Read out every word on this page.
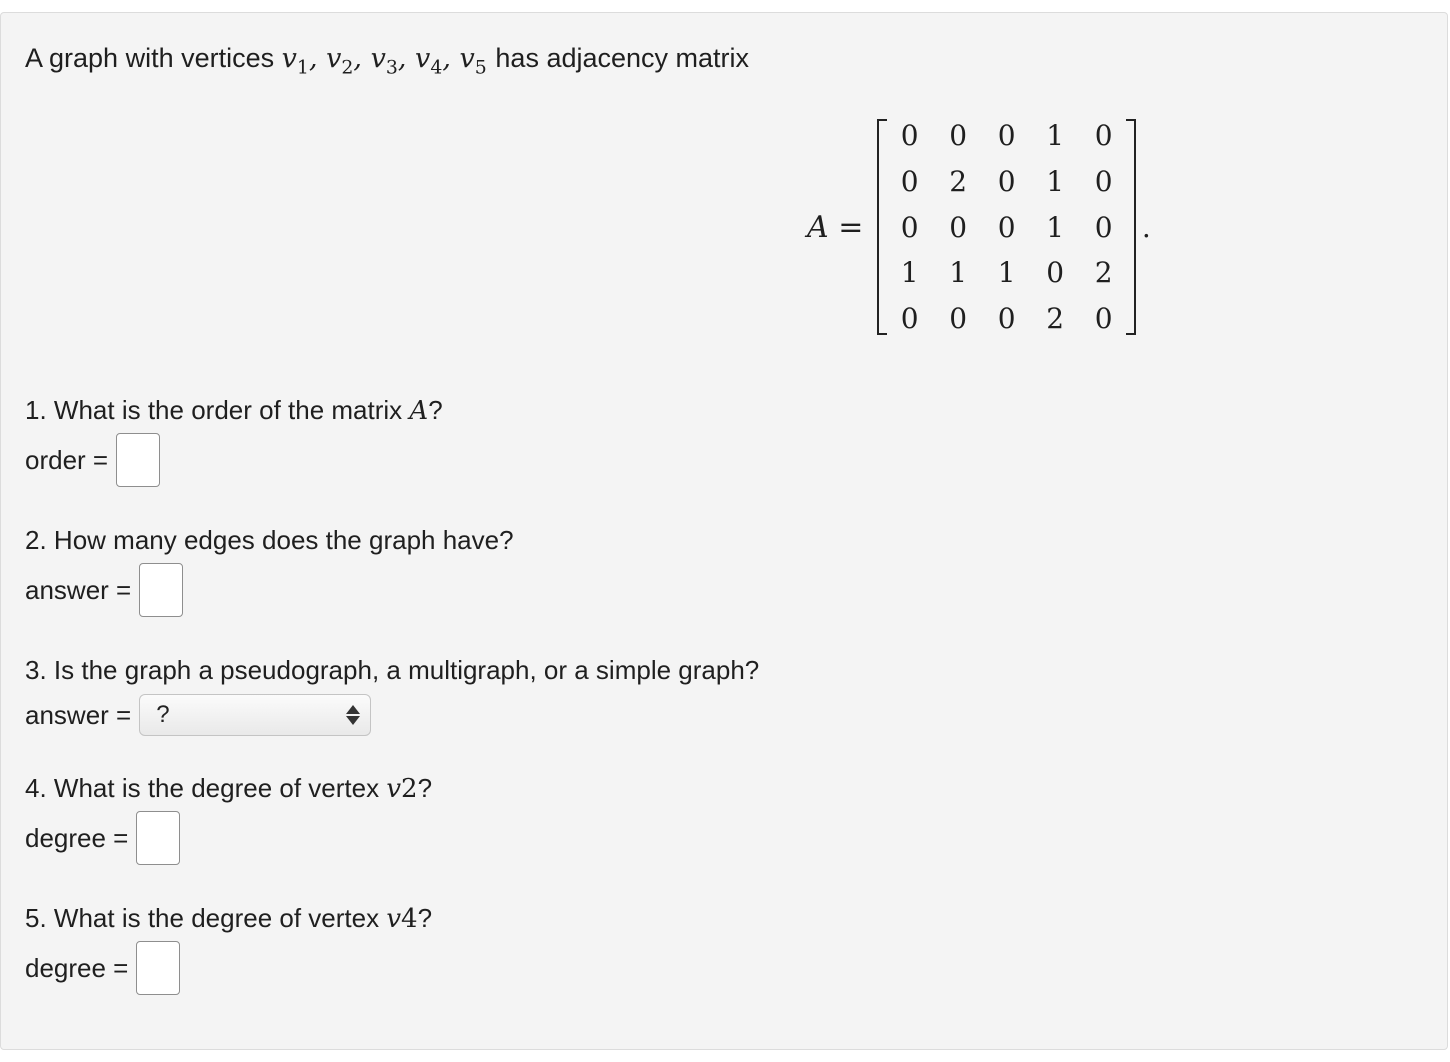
A graph with vertices $v_1$, $v_2$, $v_3$, $v_4$, $v_5$ has adjacency matrix
A =
0 0 0 1 0
0 2 0 1 0
0 0 0 1 0
1 1 1 0 2
0 0 0 2 0
.
1. What is the order of the matrix A?
order =
2. How many edges does the graph have?
answer =
3. Is the graph a pseudograph, a multigraph, or a simple graph?
answer = ?
4. What is the degree of vertex v2?
degree =
5. What is the degree of vertex v4?
degree =
